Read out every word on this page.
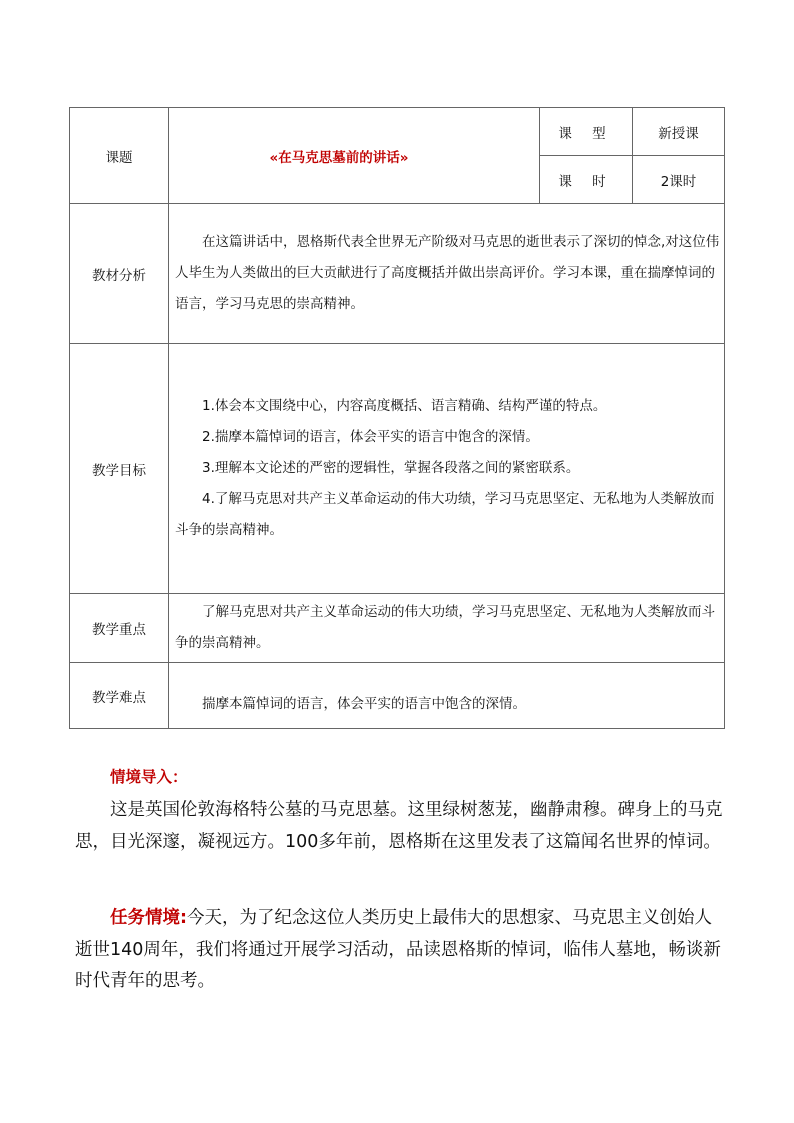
课题	«在马克思墓前的讲话»	课 型	新授课
		课 时	2课时
教材分析	在这篇讲话中，恩格斯代表全世界无产阶级对马克思的逝世表示了深切的悼念,对这位伟人毕生为人类做出的巨大贡献进行了高度概括并做出崇高评价。学习本课，重在揣摩悼词的语言，学习马克思的崇高精神。		

教学目标	1.体会本文围绕中心，内容高度概括、语言精确、结构严谨的特点。

2.揣摩本篇悼词的语言，体会平实的语言中饱含的深情。

3.理解本文论述的严密的逻辑性，掌握各段落之间的紧密联系。

4.了解马克思对共产主义革命运动的伟大功绩，学习马克思坚定、无私地为人类解放而斗争的崇高精神。		

教学重点	了解马克思对共产主义革命运动的伟大功绩，学习马克思坚定、无私地为人类解放而斗争的崇高精神。		

教学难点	揣摩本篇悼词的语言，体会平实的语言中饱含的深情。		

情境导入：

这是英国伦敦海格特公墓的马克思墓。这里绿树葱茏，幽静肃穆。碑身上的马克思，目光深邃，凝视远方。100多年前，恩格斯在这里发表了这篇闻名世界的悼词。

任务情境:今天，为了纪念这位人类历史上最伟大的思想家、马克思主义创始人逝世140周年，我们将通过开展学习活动，品读恩格斯的悼词，临伟人墓地，畅谈新时代青年的思考。
